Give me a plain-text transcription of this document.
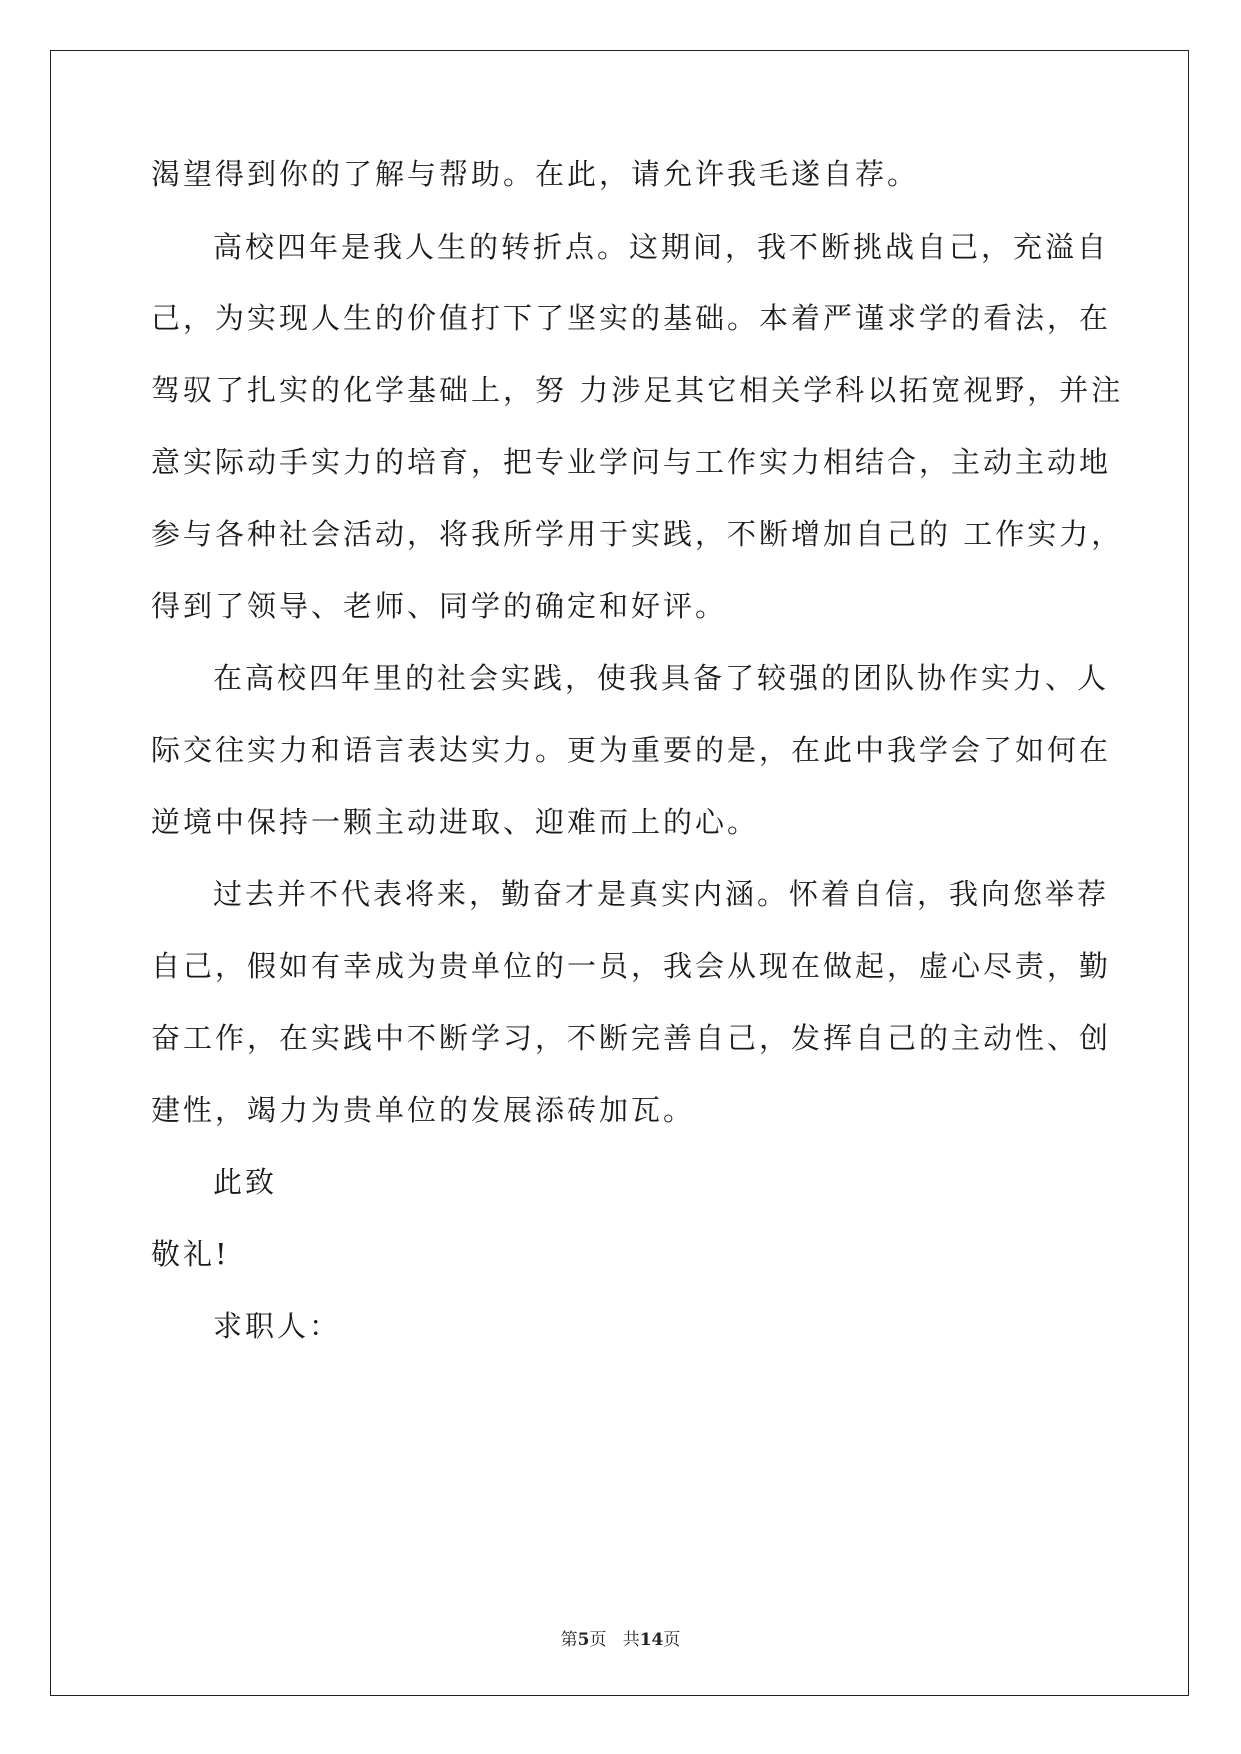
渴望得到你的了解与帮助。在此，请允许我毛遂自荐。
高校四年是我人生的转折点。这期间，我不断挑战自己，充溢自
己，为实现人生的价值打下了坚实的基础。本着严谨求学的看法，在
驾驭了扎实的化学基础上，努 力涉足其它相关学科以拓宽视野，并注
意实际动手实力的培育，把专业学问与工作实力相结合，主动主动地
参与各种社会活动，将我所学用于实践，不断增加自己的 工作实力，
得到了领导、老师、同学的确定和好评。
在高校四年里的社会实践，使我具备了较强的团队协作实力、人
际交往实力和语言表达实力。更为重要的是，在此中我学会了如何在
逆境中保持一颗主动进取、迎难而上的心。
过去并不代表将来，勤奋才是真实内涵。怀着自信，我向您举荐
自己，假如有幸成为贵单位的一员，我会从现在做起，虚心尽责，勤
奋工作，在实践中不断学习，不断完善自己，发挥自己的主动性、创
建性，竭力为贵单位的发展添砖加瓦。
此致
敬礼!
求职人：
第5页 共14页
